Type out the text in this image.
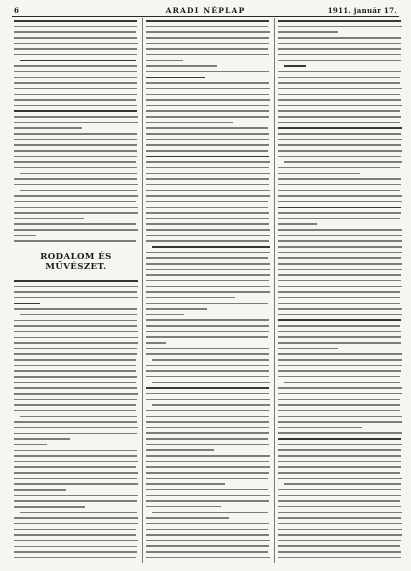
6	ARADI NÉPLAP	1911. január 17.
RODALOM ÉS MŰVÉSZET.
